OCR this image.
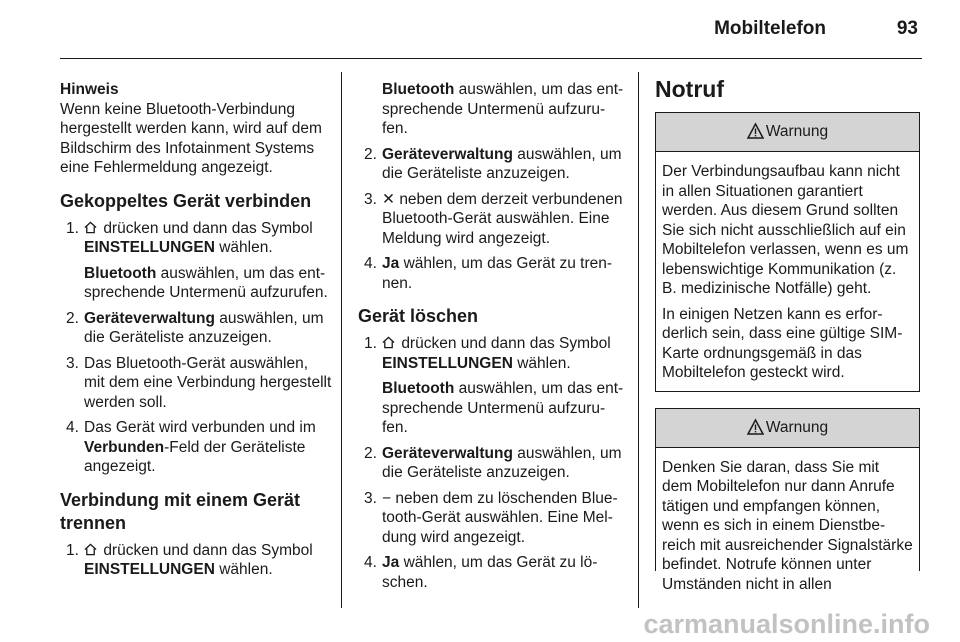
Mobiltelefon	93

Hinweis

Wenn keine Bluetooth-Verbindung hergestellt werden kann, wird auf dem Bildschirm des Infotainment Systems eine Fehlermeldung angezeigt.

Gekoppeltes Gerät verbinden
1. drücken und dann das Symbol EINSTELLUNGEN wählen.
Bluetooth auswählen, um das entsprechende Untermenü aufzurufen.
2. Geräteverwaltung auswählen, um die Geräteliste anzuzeigen.
3. Das Bluetooth-Gerät auswählen, mit dem eine Verbindung hergestellt werden soll.
4. Das Gerät wird verbunden und im Verbunden-Feld der Geräteliste angezeigt.
Verbindung mit einem Gerät trennen
1. drücken und dann das Symbol EINSTELLUNGEN wählen.
Bluetooth auswählen, um das entsprechende Untermenü aufzurufen.
2. Geräteverwaltung auswählen, um die Geräteliste anzuzeigen.
3. ✕ neben dem derzeit verbundenen Bluetooth-Gerät auswählen. Eine Meldung wird angezeigt.
4. Ja wählen, um das Gerät zu trennen.
Gerät löschen
1. drücken und dann das Symbol EINSTELLUNGEN wählen.
Bluetooth auswählen, um das entsprechende Untermenü aufzurufen.
2. Geräteverwaltung auswählen, um die Geräteliste anzuzeigen.
3. − neben dem zu löschenden Bluetooth-Gerät auswählen. Eine Meldung wird angezeigt.
4. Ja wählen, um das Gerät zu löschen.
Notruf
Warnung

Der Verbindungsaufbau kann nicht in allen Situationen garantiert werden. Aus diesem Grund sollten Sie sich nicht ausschließlich auf ein Mobiltelefon verlassen, wenn es um lebenswichtige Kommunikation (z. B. medizinische Notfälle) geht.

In einigen Netzen kann es erforderlich sein, dass eine gültige SIM-Karte ordnungsgemäß in das Mobiltelefon gesteckt wird.

Warnung

Denken Sie daran, dass Sie mit dem Mobiltelefon nur dann Anrufe tätigen und empfangen können, wenn es sich in einem Dienstbereich mit ausreichender Signalstärke befindet. Notrufe können unter Umständen nicht in allen

carmanualsonline.info
